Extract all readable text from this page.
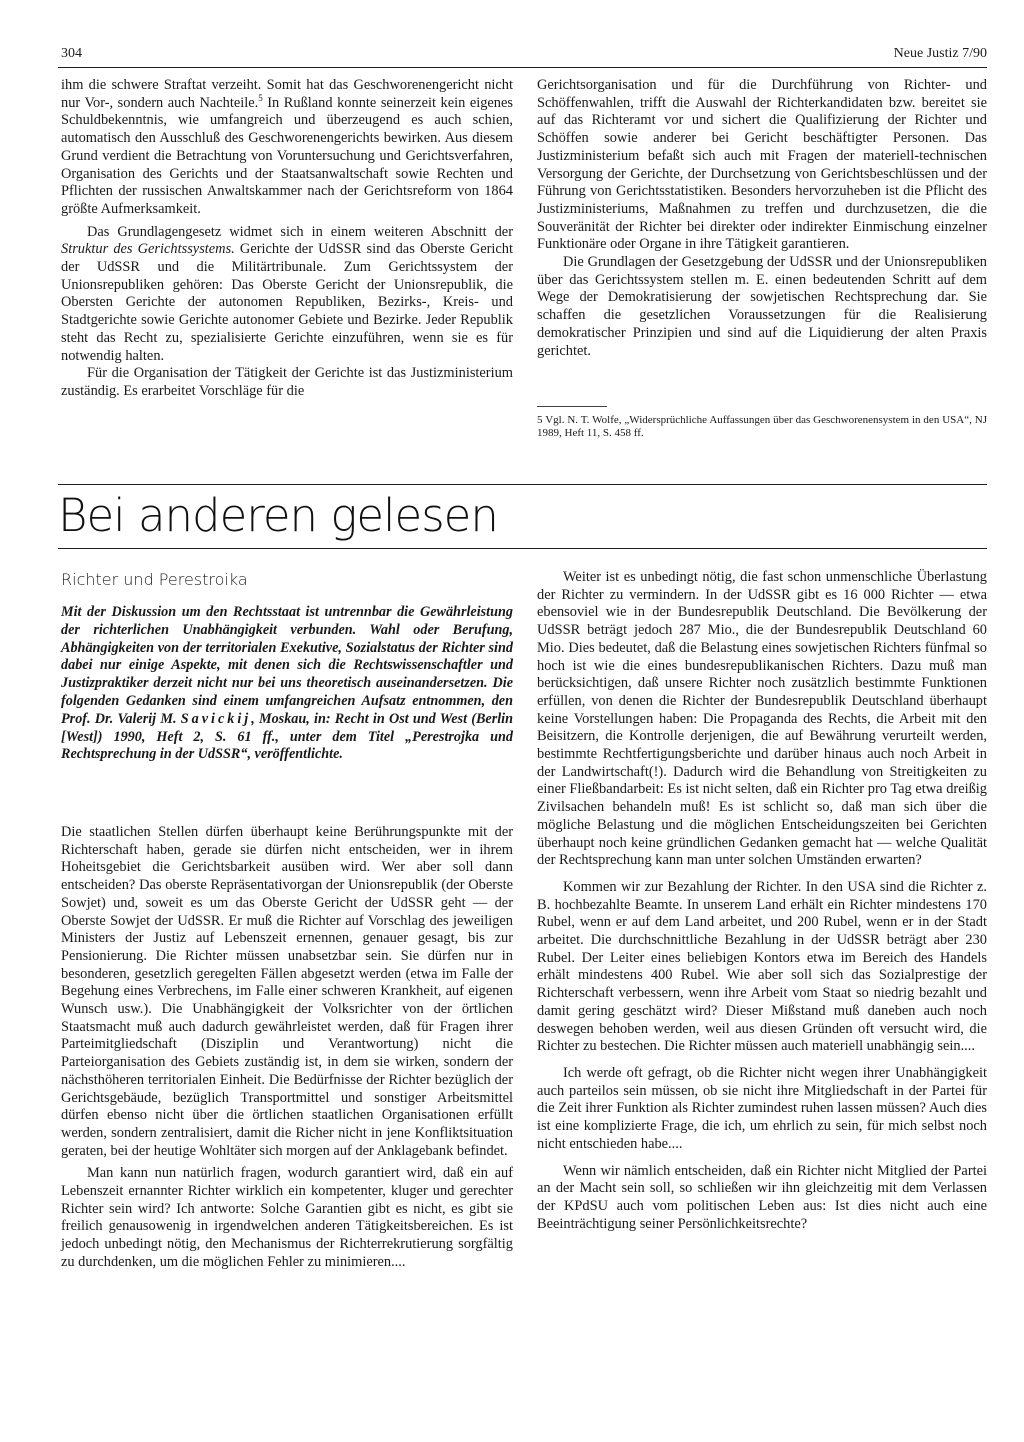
304	Neue Justiz 7/90

ihm die schwere Straftat verzeiht. Somit hat das Geschworenengericht nicht nur Vor-, sondern auch Nachteile.$^5$ In Rußland konnte seinerzeit kein eigenes Schuldbekenntnis, wie umfangreich und überzeugend es auch schien, automatisch den Ausschluß des Geschworenengerichts bewirken. Aus diesem Grund verdient die Betrachtung von Voruntersuchung und Gerichtsverfahren, Organisation des Gerichts und der Staatsanwaltschaft sowie Rechten und Pflichten der russischen Anwaltskammer nach der Gerichtsreform von 1864 größte Aufmerksamkeit.

Das Grundlagengesetz widmet sich in einem weiteren Abschnitt der Struktur des Gerichtssystems. Gerichte der UdSSR sind das Oberste Gericht der UdSSR und die Militärtribunale. Zum Gerichtssystem der Unionsrepubliken gehören: Das Oberste Gericht der Unionsrepublik, die Obersten Gerichte der autonomen Republiken, Bezirks-, Kreis- und Stadtgerichte sowie Gerichte autonomer Gebiete und Bezirke. Jeder Republik steht das Recht zu, spezialisierte Gerichte einzuführen, wenn sie es für notwendig halten.

Für die Organisation der Tätigkeit der Gerichte ist das Justizministerium zuständig. Es erarbeitet Vorschläge für die

Gerichtsorganisation und für die Durchführung von Richter- und Schöffenwahlen, trifft die Auswahl der Richterkandidaten bzw. bereitet sie auf das Richteramt vor und sichert die Qualifizierung der Richter und Schöffen sowie anderer bei Gericht beschäftigter Personen. Das Justizministerium befaßt sich auch mit Fragen der materiell-technischen Versorgung der Gerichte, der Durchsetzung von Gerichtsbeschlüssen und der Führung von Gerichtsstatistiken. Besonders hervorzuheben ist die Pflicht des Justizministeriums, Maßnahmen zu treffen und durchzusetzen, die die Souveränität der Richter bei direkter oder indirekter Einmischung einzelner Funktionäre oder Organe in ihre Tätigkeit garantieren.

Die Grundlagen der Gesetzgebung der UdSSR und der Unionsrepubliken über das Gerichtssystem stellen m. E. einen bedeutenden Schritt auf dem Wege der Demokratisierung der sowjetischen Rechtsprechung dar. Sie schaffen die gesetzlichen Voraussetzungen für die Realisierung demokratischer Prinzipien und sind auf die Liquidierung der alten Praxis gerichtet.

5 Vgl. N. T. Wolfe, „Widersprüchliche Auffassungen über das Geschworenensystem in den USA“, NJ 1989, Heft 11, S. 458 ff.
Bei anderen gelesen
Richter und Perestroika

Mit der Diskussion um den Rechtsstaat ist untrennbar die Gewährleistung der richterlichen Unabhängigkeit verbunden. Wahl oder Berufung, Abhängigkeiten von der territorialen Exekutive, Sozialstatus der Richter sind dabei nur einige Aspekte, mit denen sich die Rechtswissenschaftler und Justizpraktiker derzeit nicht nur bei uns theoretisch auseinandersetzen. Die folgenden Gedanken sind einem umfangreichen Aufsatz entnommen, den Prof. Dr. Valerij M. Savickij, Moskau, in: Recht in Ost und West (Berlin [West]) 1990, Heft 2, S. 61 ff., unter dem Titel „Perestrojka und Rechtsprechung in der UdSSR“, veröffentlichte.

Die staatlichen Stellen dürfen überhaupt keine Berührungspunkte mit der Richterschaft haben, gerade sie dürfen nicht entscheiden, wer in ihrem Hoheitsgebiet die Gerichtsbarkeit ausüben wird. Wer aber soll dann entscheiden? Das oberste Repräsentativorgan der Unionsrepublik (der Oberste Sowjet) und, soweit es um das Oberste Gericht der UdSSR geht — der Oberste Sowjet der UdSSR. Er muß die Richter auf Vorschlag des jeweiligen Ministers der Justiz auf Lebenszeit ernennen, genauer gesagt, bis zur Pensionierung. Die Richter müssen unabsetzbar sein. Sie dürfen nur in besonderen, gesetzlich geregelten Fällen abgesetzt werden (etwa im Falle der Begehung eines Verbrechens, im Falle einer schweren Krankheit, auf eigenen Wunsch usw.). Die Unabhängigkeit der Volksrichter von der örtlichen Staatsmacht muß auch dadurch gewährleistet werden, daß für Fragen ihrer Parteimitgliedschaft (Disziplin und Verantwortung) nicht die Parteiorganisation des Gebiets zuständig ist, in dem sie wirken, sondern der nächsthöheren territorialen Einheit. Die Bedürfnisse der Richter bezüglich der Gerichtsgebäude, bezüglich Transportmittel und sonstiger Arbeitsmittel dürfen ebenso nicht über die örtlichen staatlichen Organisationen erfüllt werden, sondern zentralisiert, damit die Richer nicht in jene Konfliktsituation geraten, bei der heutige Wohltäter sich morgen auf der Anklagebank befindet.

Man kann nun natürlich fragen, wodurch garantiert wird, daß ein auf Lebenszeit ernannter Richter wirklich ein kompetenter, kluger und gerechter Richter sein wird? Ich antworte: Solche Garantien gibt es nicht, es gibt sie freilich genausowenig in irgendwelchen anderen Tätigkeitsbereichen. Es ist jedoch unbedingt nötig, den Mechanismus der Richterrekrutierung sorgfältig zu durchdenken, um die möglichen Fehler zu minimieren....

Weiter ist es unbedingt nötig, die fast schon unmenschliche Überlastung der Richter zu vermindern. In der UdSSR gibt es 16 000 Richter — etwa ebensoviel wie in der Bundesrepublik Deutschland. Die Bevölkerung der UdSSR beträgt jedoch 287 Mio., die der Bundesrepublik Deutschland 60 Mio. Dies bedeutet, daß die Belastung eines sowjetischen Richters fünfmal so hoch ist wie die eines bundesrepublikanischen Richters. Dazu muß man berücksichtigen, daß unsere Richter noch zusätzlich bestimmte Funktionen erfüllen, von denen die Richter der Bundesrepublik Deutschland überhaupt keine Vorstellungen haben: Die Propaganda des Rechts, die Arbeit mit den Beisitzern, die Kontrolle derjenigen, die auf Bewährung verurteilt werden, bestimmte Rechtfertigungsberichte und darüber hinaus auch noch Arbeit in der Landwirtschaft(!). Dadurch wird die Behandlung von Streitigkeiten zu einer Fließbandarbeit: Es ist nicht selten, daß ein Richter pro Tag etwa dreißig Zivilsachen behandeln muß! Es ist schlicht so, daß man sich über die mögliche Belastung und die möglichen Entscheidungszeiten bei Gerichten überhaupt noch keine gründlichen Gedanken gemacht hat — welche Qualität der Rechtsprechung kann man unter solchen Umständen erwarten?

Kommen wir zur Bezahlung der Richter. In den USA sind die Richter z. B. hochbezahlte Beamte. In unserem Land erhält ein Richter mindestens 170 Rubel, wenn er auf dem Land arbeitet, und 200 Rubel, wenn er in der Stadt arbeitet. Die durchschnittliche Bezahlung in der UdSSR beträgt aber 230 Rubel. Der Leiter eines beliebigen Kontors etwa im Bereich des Handels erhält mindestens 400 Rubel. Wie aber soll sich das Sozialprestige der Richterschaft verbessern, wenn ihre Arbeit vom Staat so niedrig bezahlt und damit gering geschätzt wird? Dieser Mißstand muß daneben auch noch deswegen behoben werden, weil aus diesen Gründen oft versucht wird, die Richter zu bestechen. Die Richter müssen auch materiell unabhängig sein....

Ich werde oft gefragt, ob die Richter nicht wegen ihrer Unabhängigkeit auch parteilos sein müssen, ob sie nicht ihre Mitgliedschaft in der Partei für die Zeit ihrer Funktion als Richter zumindest ruhen lassen müssen? Auch dies ist eine komplizierte Frage, die ich, um ehrlich zu sein, für mich selbst noch nicht entschieden habe....

Wenn wir nämlich entscheiden, daß ein Richter nicht Mitglied der Partei an der Macht sein soll, so schließen wir ihn gleichzeitig mit dem Verlassen der KPdSU auch vom politischen Leben aus: Ist dies nicht auch eine Beeinträchtigung seiner Persönlichkeitsrechte?
